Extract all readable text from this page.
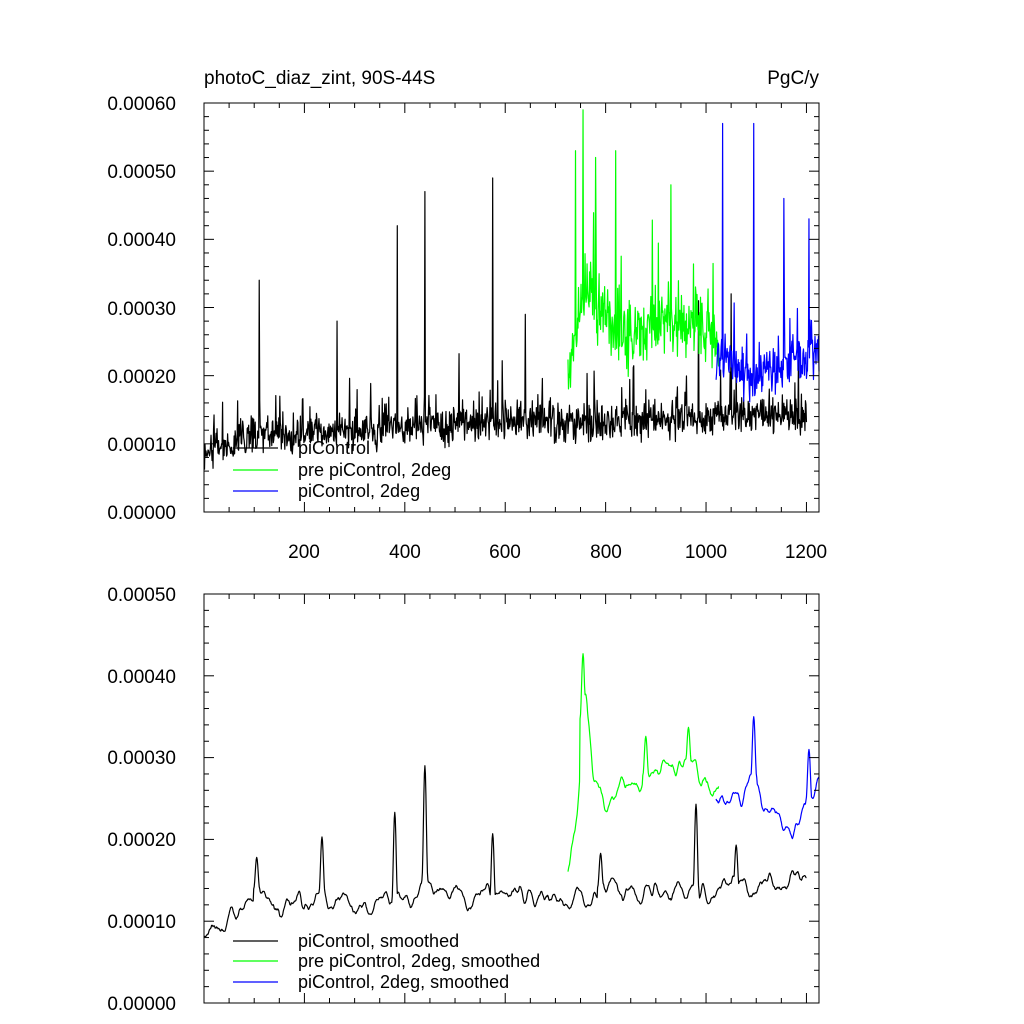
photoC_diaz_zint, 90S-44S	PgC/y
0.00000
0.00010
0.00020
0.00030
0.00040
0.00050
0.00060
200	400	600	800	1000	1200
piControl
pre piControl, 2deg
piControl, 2deg
0.00000
0.00010
0.00020
0.00030
0.00040
0.00050
piControl, smoothed
pre piControl, 2deg, smoothed
piControl, 2deg, smoothed
